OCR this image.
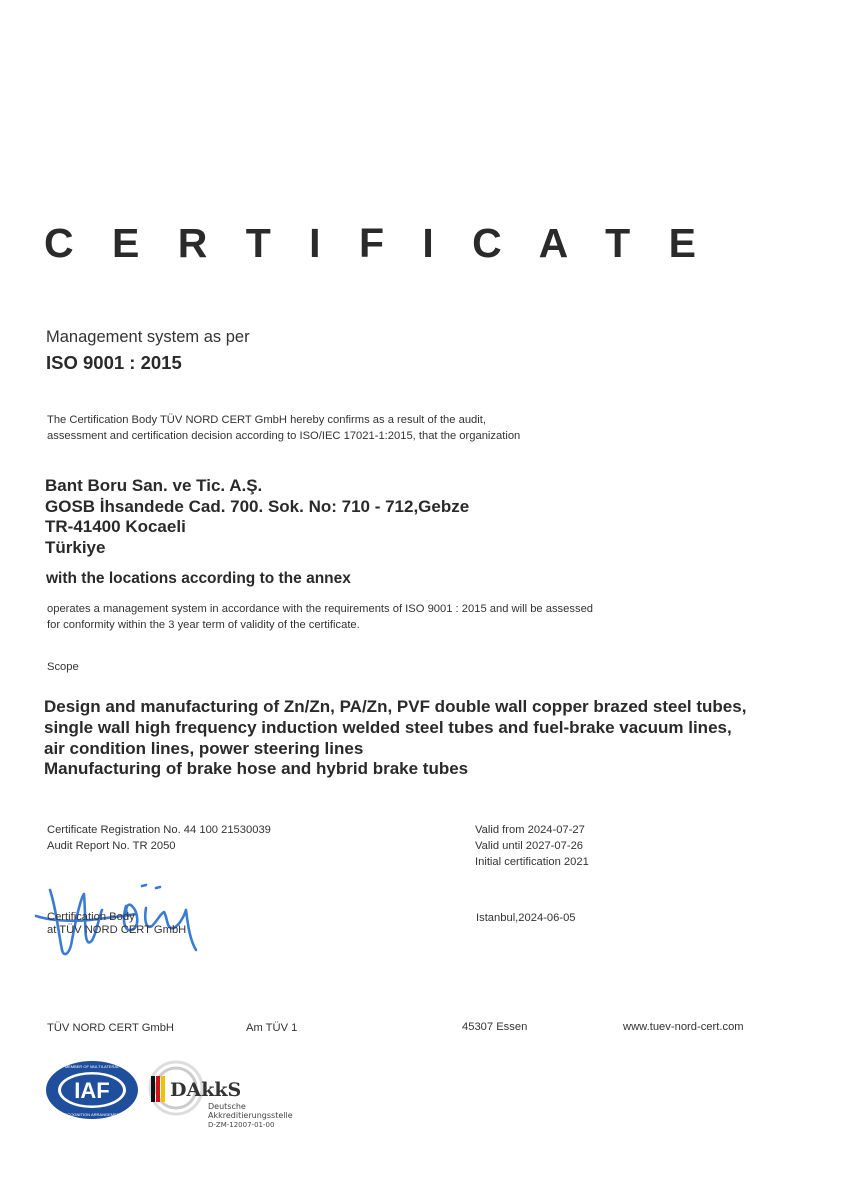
C E R T I F I C A T E
Management system as per
ISO 9001 : 2015
The Certification Body TÜV NORD CERT GmbH hereby confirms as a result of the audit,
assessment and certification decision according to ISO/IEC 17021-1:2015, that the organization
Bant Boru San. ve Tic. A.Ş.
GOSB İhsandede Cad. 700. Sok. No: 710 - 712,Gebze
TR-41400 Kocaeli
Türkiye
with the locations according to the annex
operates a management system in accordance with the requirements of ISO 9001 : 2015 and will be assessed
for conformity within the 3 year term of validity of the certificate.
Scope
Design and manufacturing of Zn/Zn, PA/Zn, PVF double wall copper brazed steel tubes,
single wall high frequency induction welded steel tubes and fuel-brake vacuum lines,
air condition lines, power steering lines
Manufacturing of brake hose and hybrid brake tubes
Certificate Registration No. 44 100 21530039
Audit Report No. TR 2050
Valid from 2024-07-27
Valid until 2027-07-26
Initial certification 2021
Certification Body
at TÜV NORD CERT GmbH
Istanbul,2024-06-05
TÜV NORD CERT GmbH	Am TÜV 1	45307 Essen	www.tuev-nord-cert.com
IAF
MEMBER OF MULTILATERAL
RECOGNITION ARRANGEMENT
DAkkS
Deutsche
Akkreditierungsstelle
D-ZM-12007-01-00
